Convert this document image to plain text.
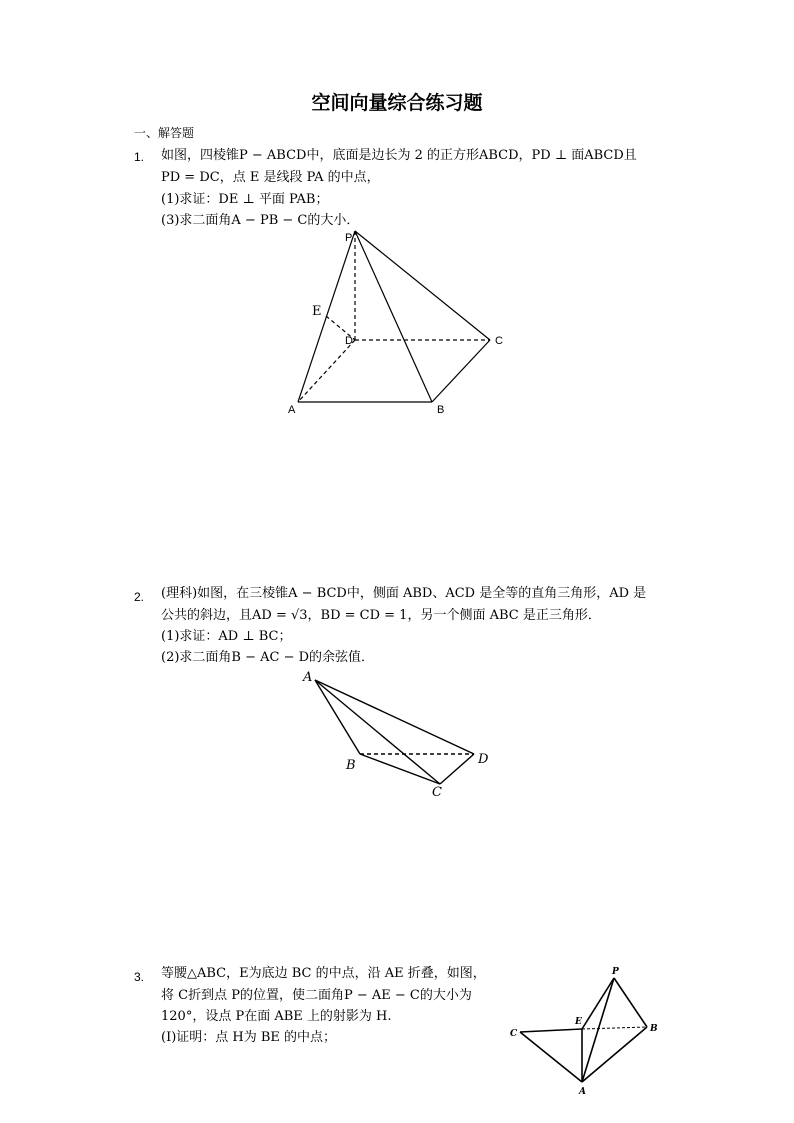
空间向量综合练习题
一、解答题
1. 如图，四棱锥P − ABCD中，底面是边长为 2 的正方形ABCD，PD ⊥ 面ABCD且
PD = DC，点 E 是线段 PA 的中点，
(1)求证：DE ⊥ 平面 PAB；
(3)求二面角A − PB − C的大小．
P
E
D	C
A	B
2. (理科)如图，在三棱锥A − BCD中，侧面 ABD、ACD 是全等的直角三角形，AD 是
公共的斜边，且AD = √3，BD = CD = 1，另一个侧面 ABC 是正三角形．
(1)求证：AD ⊥ BC；
(2)求二面角B − AC − D的余弦值．
A
B
C
D
3. 等腰△ABC，E为底边 BC 的中点，沿 AE 折叠，如图，
将 C折到点 P的位置，使二面角P − AE − C的大小为
120°，设点 P在面 ABE 上的射影为 H.
(I)证明：点 H为 BE 的中点；
P
E
C	B
A
